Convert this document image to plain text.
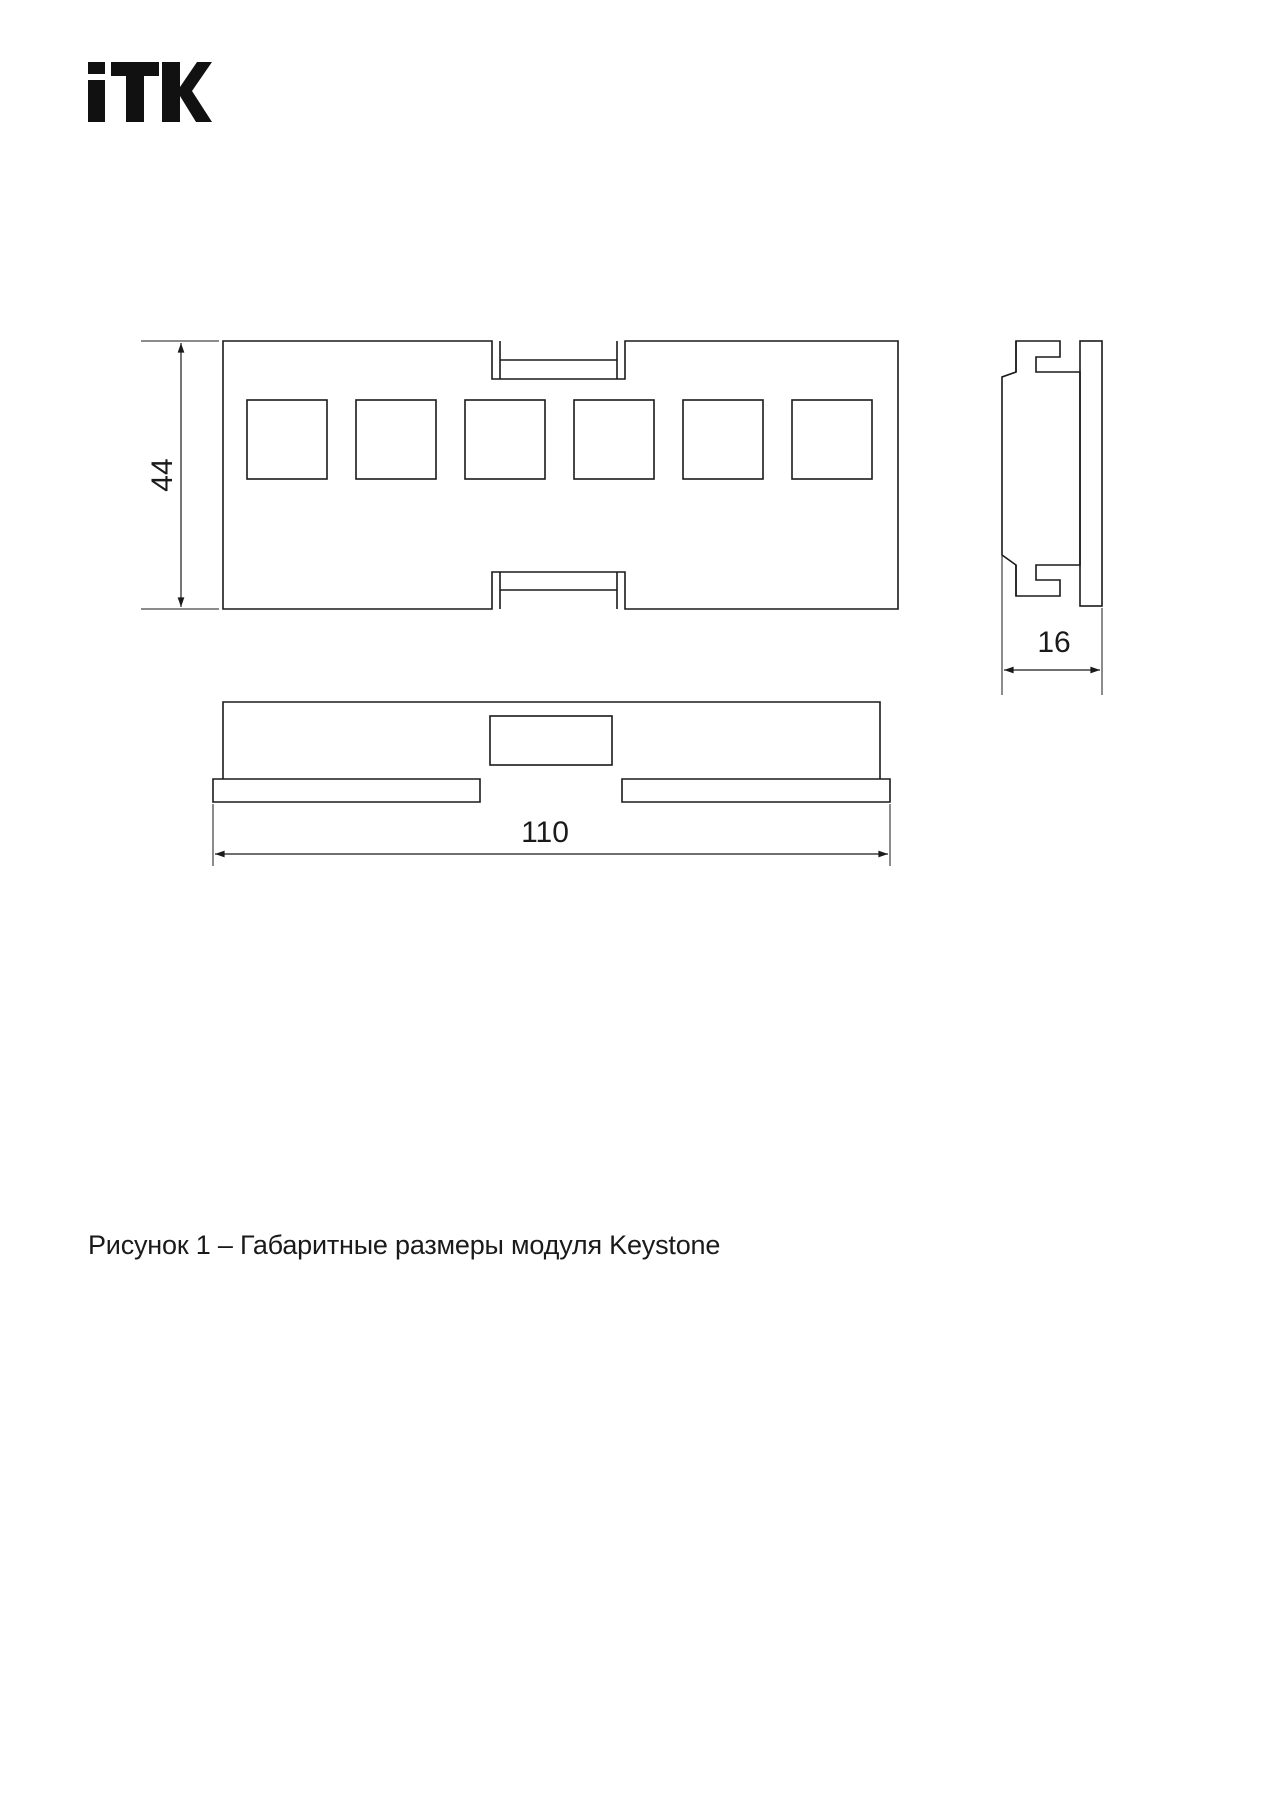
44
16
110
Рисунок 1 – Габаритные размеры модуля Keystone
